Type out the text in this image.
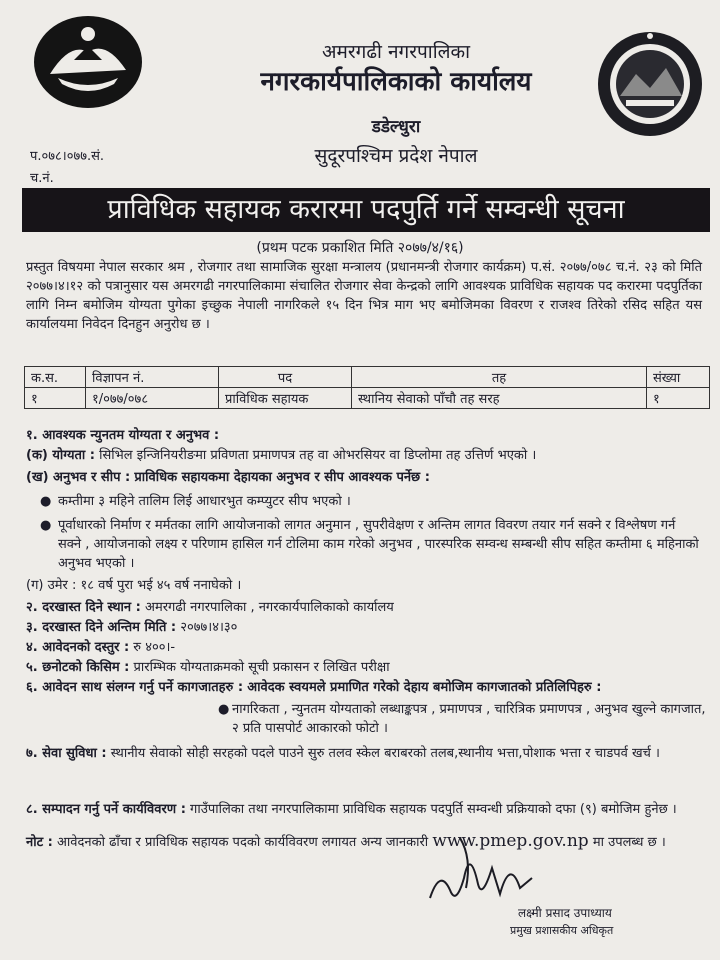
अमरगढी नगरपालिका
नगरकार्यपालिकाको कार्यालय
डडेल्धुरा
सुदूरपश्चिम प्रदेश नेपाल
प.०७८।०७७.सं.
च.नं.
प्राविधिक सहायक करारमा पदपुर्ति गर्ने सम्वन्धी सूचना
(प्रथम पटक प्रकाशित मिति २०७७/४/१६)
प्रस्तुत विषयमा नेपाल सरकार श्रम , रोजगार तथा सामाजिक सुरक्षा मन्त्रालय (प्रधानमन्त्री रोजगार कार्यक्रम) प.सं. २०७७/०७८ च.नं. २३ को मिति २०७७।४।१२ को पत्रानुसार यस अमरगढी नगरपालिकामा संचालित रोजगार सेवा केन्द्रको लागि आवश्यक प्राविधिक सहायक पद करारमा पदपुर्तिका लागि निम्न बमोजिम योग्यता पुगेका इच्छुक नेपाली नागरिकले १५ दिन भित्र माग भए बमोजिमका विवरण र राजश्व तिरेको रसिद सहित यस कार्यालयमा निवेदन दिनहुन अनुरोध छ ।
क.स.	विज्ञापन नं.	पद	तह	संख्या
१	१/०७७/०७८	प्राविधिक सहायक	स्थानिय सेवाको पाँचौ तह सरह	१
१. आवश्यक न्युनतम योग्यता र अनुभव :
(क) योग्यता : सिभिल इन्जिनियरीङमा प्रविणता प्रमाणपत्र तह वा ओभरसियर वा डिप्लोमा तह उत्तिर्ण भएको ।
(ख) अनुभव र सीप : प्राविधिक सहायकमा देहायका अनुभव र सीप आवश्यक पर्नेछ :
● कम्तीमा ३ महिने तालिम लिई आधारभुत कम्प्युटर सीप भएको ।
● पूर्वाधारको निर्माण र मर्मतका लागि आयोजनाको लागत अनुमान , सुपरीवेक्षण र अन्तिम लागत विवरण तयार गर्न सक्ने र विश्लेषण गर्न सक्ने , आयोजनाको लक्ष्य र परिणाम हासिल गर्न टोलिमा काम गरेको अनुभव , पारस्परिक सम्वन्ध सम्बन्धी सीप सहित कम्तीमा ६ महिनाको अनुभव भएको ।
(ग) उमेर : १८ वर्ष पुरा भई ४५ वर्ष ननाघेको ।
२. दरखास्त दिने स्थान : अमरगढी नगरपालिका , नगरकार्यपालिकाको कार्यालय
३. दरखास्त दिने अन्तिम मिति : २०७७।४।३०
४. आवेदनको दस्तुर : रु ४००।-
५. छनोटको किसिम : प्रारम्भिक योग्यताक्रमको सूची प्रकासन र लिखित परीक्षा
६. आवेदन साथ संलग्न गर्नु पर्ने कागजातहरु : आवेदक स्वयमले प्रमाणित गरेको देहाय बमोजिम कागजातको प्रतिलिपिहरु :
● नागरिकता , न्युनतम योग्यताको लब्धाङ्कपत्र , प्रमाणपत्र , चारित्रिक प्रमाणपत्र , अनुभव खुल्ने कागजात, २ प्रति पासपोर्ट आकारको फोटो ।
७. सेवा सुविधा : स्थानीय सेवाको सोही सरहको पदले पाउने सुरु तलव स्केल बराबरको तलब,स्थानीय भत्ता,पोशाक भत्ता र चाडपर्व खर्च ।
८. सम्पादन गर्नु पर्ने कार्यविवरण : गाउँपालिका तथा नगरपालिकामा प्राविधिक सहायक पदपुर्ति सम्वन्धी प्रक्रियाको दफा (९) बमोजिम हुनेछ ।
नोट : आवेदनको ढाँचा र प्राविधिक सहायक पदको कार्यविवरण लगायत अन्य जानकारी www.pmep.gov.np मा उपलब्ध छ ।
लक्ष्मी प्रसाद उपाध्याय
प्रमुख प्रशासकीय अधिकृत
